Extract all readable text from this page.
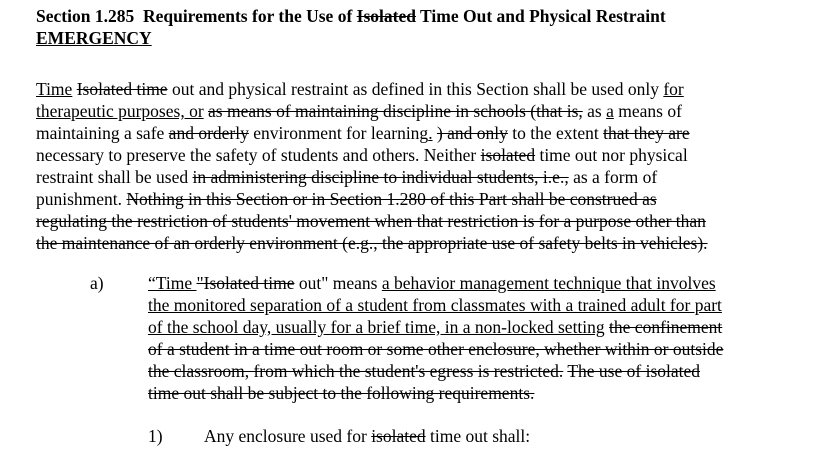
Section 1.285 Requirements for the Use of Isolated Time Out and Physical Restraint
EMERGENCY
Time Isolated time out and physical restraint as defined in this Section shall be used only for
therapeutic purposes, or as means of maintaining discipline in schools (that is, as a means of
maintaining a safe and orderly environment for learning. ) and only to the extent that they are
necessary to preserve the safety of students and others. Neither isolated time out nor physical
restraint shall be used in administering discipline to individual students, i.e., as a form of
punishment. Nothing in this Section or in Section 1.280 of this Part shall be construed as
regulating the restriction of students' movement when that restriction is for a purpose other than
the maintenance of an orderly environment (e.g., the appropriate use of safety belts in vehicles).
a)	“Time "Isolated time out" means a behavior management technique that involves
the monitored separation of a student from classmates with a trained adult for part
of the school day, usually for a brief time, in a non-locked setting the confinement
of a student in a time out room or some other enclosure, whether within or outside
the classroom, from which the student's egress is restricted. The use of isolated
time out shall be subject to the following requirements.
1) Any enclosure used for isolated time out shall:
